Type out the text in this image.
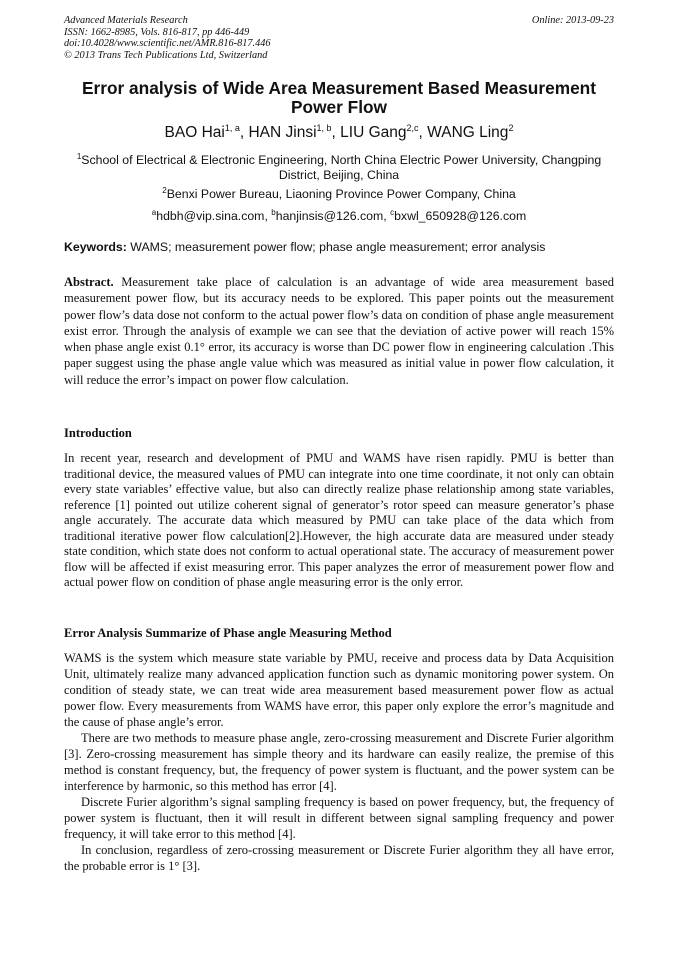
Advanced Materials Research
ISSN: 1662-8985, Vols. 816-817, pp 446-449
doi:10.4028/www.scientific.net/AMR.816-817.446
© 2013 Trans Tech Publications Ltd, Switzerland
Online: 2013-09-23
Error analysis of Wide Area Measurement Based Measurement Power Flow
BAO Hai$^{1, a}$, HAN Jinsi$^{1, b}$, LIU Gang$^{2,c}$, WANG Ling$^2$
$^1$School of Electrical & Electronic Engineering, North China Electric Power University, Changping District, Beijing, China
$^2$Benxi Power Bureau, Liaoning Province Power Company, China
$^a$hdbh@vip.sina.com, $^b$hanjinsis@126.com, $^c$bxwl_650928@126.com
Keywords: WAMS; measurement power flow; phase angle measurement; error analysis

Abstract. Measurement take place of calculation is an advantage of wide area measurement based measurement power flow, but its accuracy needs to be explored. This paper points out the measurement power flow’s data dose not conform to the actual power flow’s data on condition of phase angle measurement exist error. Through the analysis of example we can see that the deviation of active power will reach 15% when phase angle exist 0.1° error, its accuracy is worse than DC power flow in engineering calculation .This paper suggest using the phase angle value which was measured as initial value in power flow calculation, it will reduce the error’s impact on power flow calculation.

Introduction

In recent year, research and development of PMU and WAMS have risen rapidly. PMU is better than traditional device, the measured values of PMU can integrate into one time coordinate, it not only can obtain every state variables’ effective value, but also can directly realize phase relationship among state variables, reference [1] pointed out utilize coherent signal of generator’s rotor speed can measure generator’s phase angle accurately. The accurate data which measured by PMU can take place of the data which from traditional iterative power flow calculation[2].However, the high accurate data are measured under steady state condition, which state does not conform to actual operational state. The accuracy of measurement power flow will be affected if exist measuring error. This paper analyzes the error of measurement power flow and actual power flow on condition of phase angle measuring error is the only error.

Error Analysis Summarize of Phase angle Measuring Method

WAMS is the system which measure state variable by PMU, receive and process data by Data Acquisition Unit, ultimately realize many advanced application function such as dynamic monitoring power system. On condition of steady state, we can treat wide area measurement based measurement power flow as actual power flow. Every measurements from WAMS have error, this paper only explore the error’s magnitude and the cause of phase angle’s error.

There are two methods to measure phase angle, zero-crossing measurement and Discrete Furier algorithm [3]. Zero-crossing measurement has simple theory and its hardware can easily realize, the premise of this method is constant frequency, but, the frequency of power system is fluctuant, and the power system can be interference by harmonic, so this method has error [4].

Discrete Furier algorithm’s signal sampling frequency is based on power frequency, but, the frequency of power system is fluctuant, then it will result in different between signal sampling frequency and power frequency, it will take error to this method [4].

In conclusion, regardless of zero-crossing measurement or Discrete Furier algorithm they all have error, the probable error is 1° [3].
